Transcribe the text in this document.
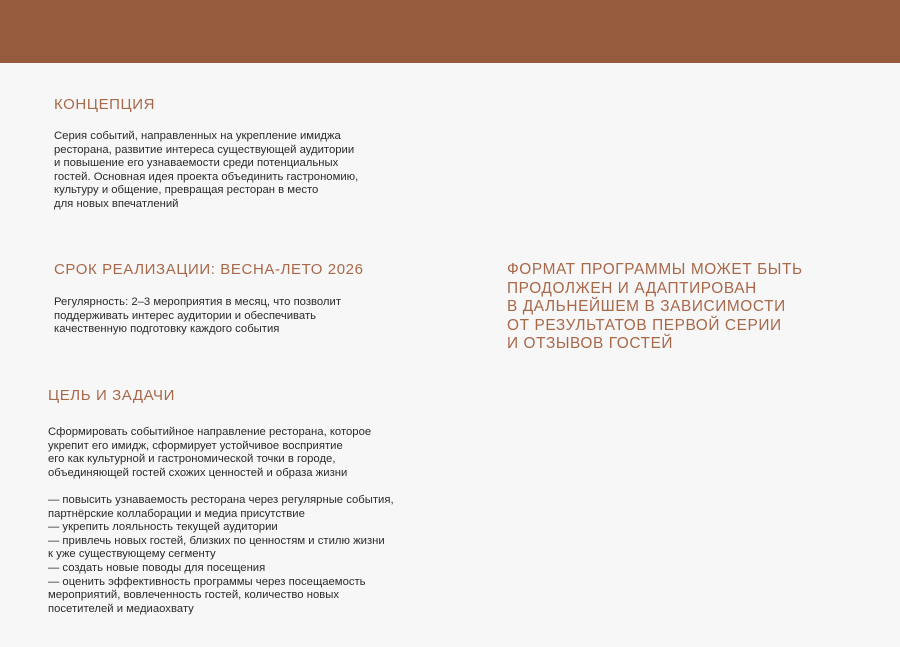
КОНЦЕПЦИЯ
Серия событий, направленных на укрепление имиджа
ресторана, развитие интереса существующей аудитории
и повышение его узнаваемости среди потенциальных
гостей. Основная идея проекта объединить гастрономию,
культуру и общение, превращая ресторан в место
для новых впечатлений
СРОК РЕАЛИЗАЦИИ: ВЕСНА-ЛЕТО 2026
Регулярность: 2–3 мероприятия в месяц, что позволит
поддерживать интерес аудитории и обеспечивать
качественную подготовку каждого события
ЦЕЛЬ И ЗАДАЧИ
Сформировать событийное направление ресторана, которое
укрепит его имидж, сформирует устойчивое восприятие
его как культурной и гастрономической точки в городе,
объединяющей гостей схожих ценностей и образа жизни
— повысить узнаваемость ресторана через регулярные события,
партнёрские коллаборации и медиа присутствие
— укрепить лояльность текущей аудитории
— привлечь новых гостей, близких по ценностям и стилю жизни
к уже существующему сегменту
— создать новые поводы для посещения
— оценить эффективность программы через посещаемость
мероприятий, вовлеченность гостей, количество новых
посетителей и медиаохвату
ФОРМАТ ПРОГРАММЫ МОЖЕТ БЫТЬ
ПРОДОЛЖЕН И АДАПТИРОВАН
В ДАЛЬНЕЙШЕМ В ЗАВИСИМОСТИ
ОТ РЕЗУЛЬТАТОВ ПЕРВОЙ СЕРИИ
И ОТЗЫВОВ ГОСТЕЙ
